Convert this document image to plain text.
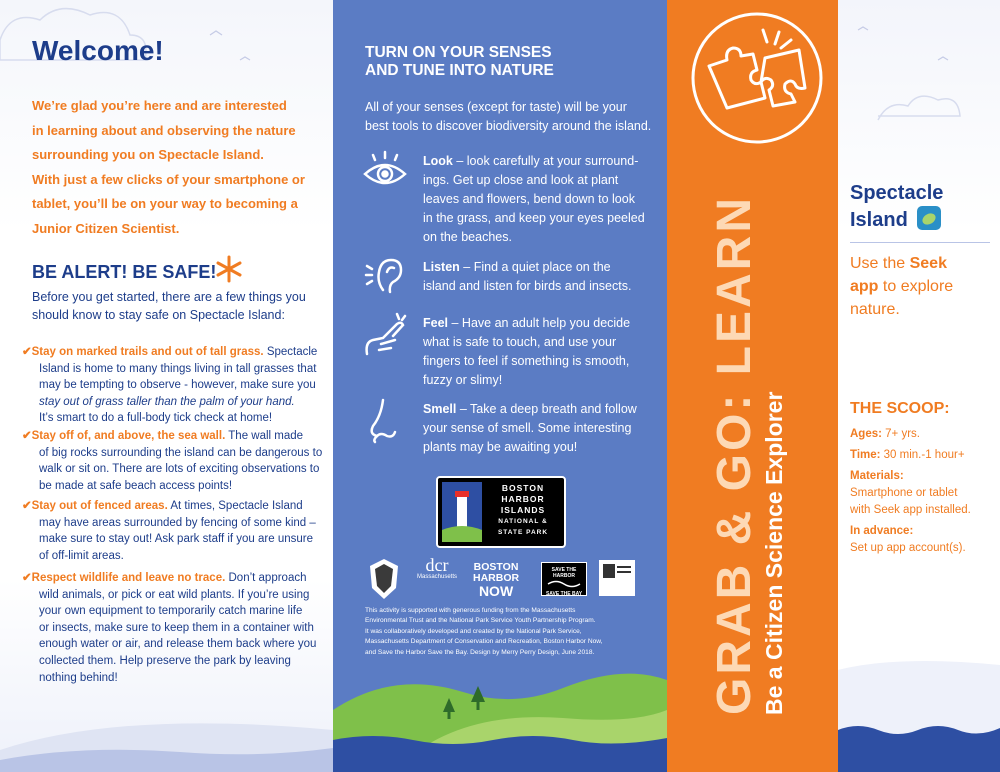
Welcome!
We’re glad you’re here and are interested
in learning about and observing the nature
surrounding you on Spectacle Island.
With just a few clicks of your smartphone or
tablet, you’ll be on your way to becoming a
Junior Citizen Scientist.
BE ALERT! BE SAFE!
Before you get started, there are a few things you
should know to stay safe on Spectacle Island:
✔Stay on marked trails and out of tall grass. Spectacle
Island is home to many things living in tall grasses that
may be tempting to observe - however, make sure you
stay out of grass taller than the palm of your hand.
It’s smart to do a full-body tick check at home!
✔Stay off of, and above, the sea wall. The wall made
of big rocks surrounding the island can be dangerous to
walk or sit on. There are lots of exciting observations to
be made at safe beach access points!
✔Stay out of fenced areas. At times, Spectacle Island
may have areas surrounded by fencing of some kind –
make sure to stay out! Ask park staff if you are unsure
of off-limit areas.
✔Respect wildlife and leave no trace. Don’t approach
wild animals, or pick or eat wild plants. If you’re using
your own equipment to temporarily catch marine life
or insects, make sure to keep them in a container with
enough water or air, and release them back where you
collected them. Help preserve the park by leaving
nothing behind!
TURN ON YOUR SENSES
AND TUNE INTO NATURE
All of your senses (except for taste) will be your
best tools to discover biodiversity around the island.
Look – look carefully at your surround-
ings. Get up close and look at plant
leaves and flowers, bend down to look
in the grass, and keep your eyes peeled
on the beaches.
Listen – Find a quiet place on the
island and listen for birds and insects.
Feel – Have an adult help you decide
what is safe to touch, and use your
fingers to feel if something is smooth,
fuzzy or slimy!
Smell – Take a deep breath and follow
your sense of smell. Some interesting
plants may be awaiting you!
BOSTON
HARBOR
ISLANDS
NATIONAL &
STATE PARK
dcr
Massachusetts
BOSTON
HARBOR
NOW
SAVE THE HARBOR
SAVE THE BAY
This activity is supported with generous funding from the Massachusetts
Environmental Trust and the National Park Service Youth Partnership Program.
It was collaboratively developed and created by the National Park Service,
Massachusetts Department of Conservation and Recreation, Boston Harbor Now,
and Save the Harbor Save the Bay. Design by Merry Perry Design, June 2018.	GRAB & GO: LEARN Be a Citizen Science Explorer
Spectacle
Island
Use the Seek
app to explore
nature.
THE SCOOP:
Ages: 7+ yrs.
Time: 30 min.-1 hour+
Materials:
Smartphone or tablet
with Seek app installed.
In advance:
Set up app account(s).
